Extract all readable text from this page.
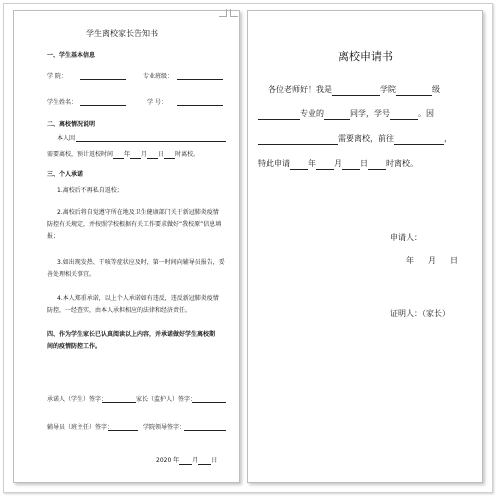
学生离校家长告知书
一、学生基本信息
学 院：	专业班级：
学生姓名：	学 号：
二、离校情况说明
本人因
需要离校，预计返校时间 年 月 日 时离校。
三、个人承诺
1.离校后不再私自返校；
2.离校后将自觉遵守所在地及卫生健康部门关于新冠肺炎疫情
防控有关规定，并按照学校根据有关工作要求做好“我校原”信息填
报；
3.如出现发热、干咳等症状应及时，第一时间向辅导员报告，妥
善处理相关事宜。
4.本人郑重承诺，以上个人承诺如有违反，违反新冠肺炎疫情
防控，一经查实，由本人承担相应的法律和经济责任。
四、作为学生家长已认真阅读以上内容，并承诺做好学生离校期
间的疫情防控工作。
承诺人（学生）签字：	家长（监护人）签字：
辅导员（班主任）签字：	学院领导签字：
2020 年 月 日
离校申请书
各位老师好！我是	学院	级
专业的	同学，学号	。因
需要离校，前往	，
特此申请 年 月 日 时离校。
申请人：
年 月 日
证明人：（家长）
